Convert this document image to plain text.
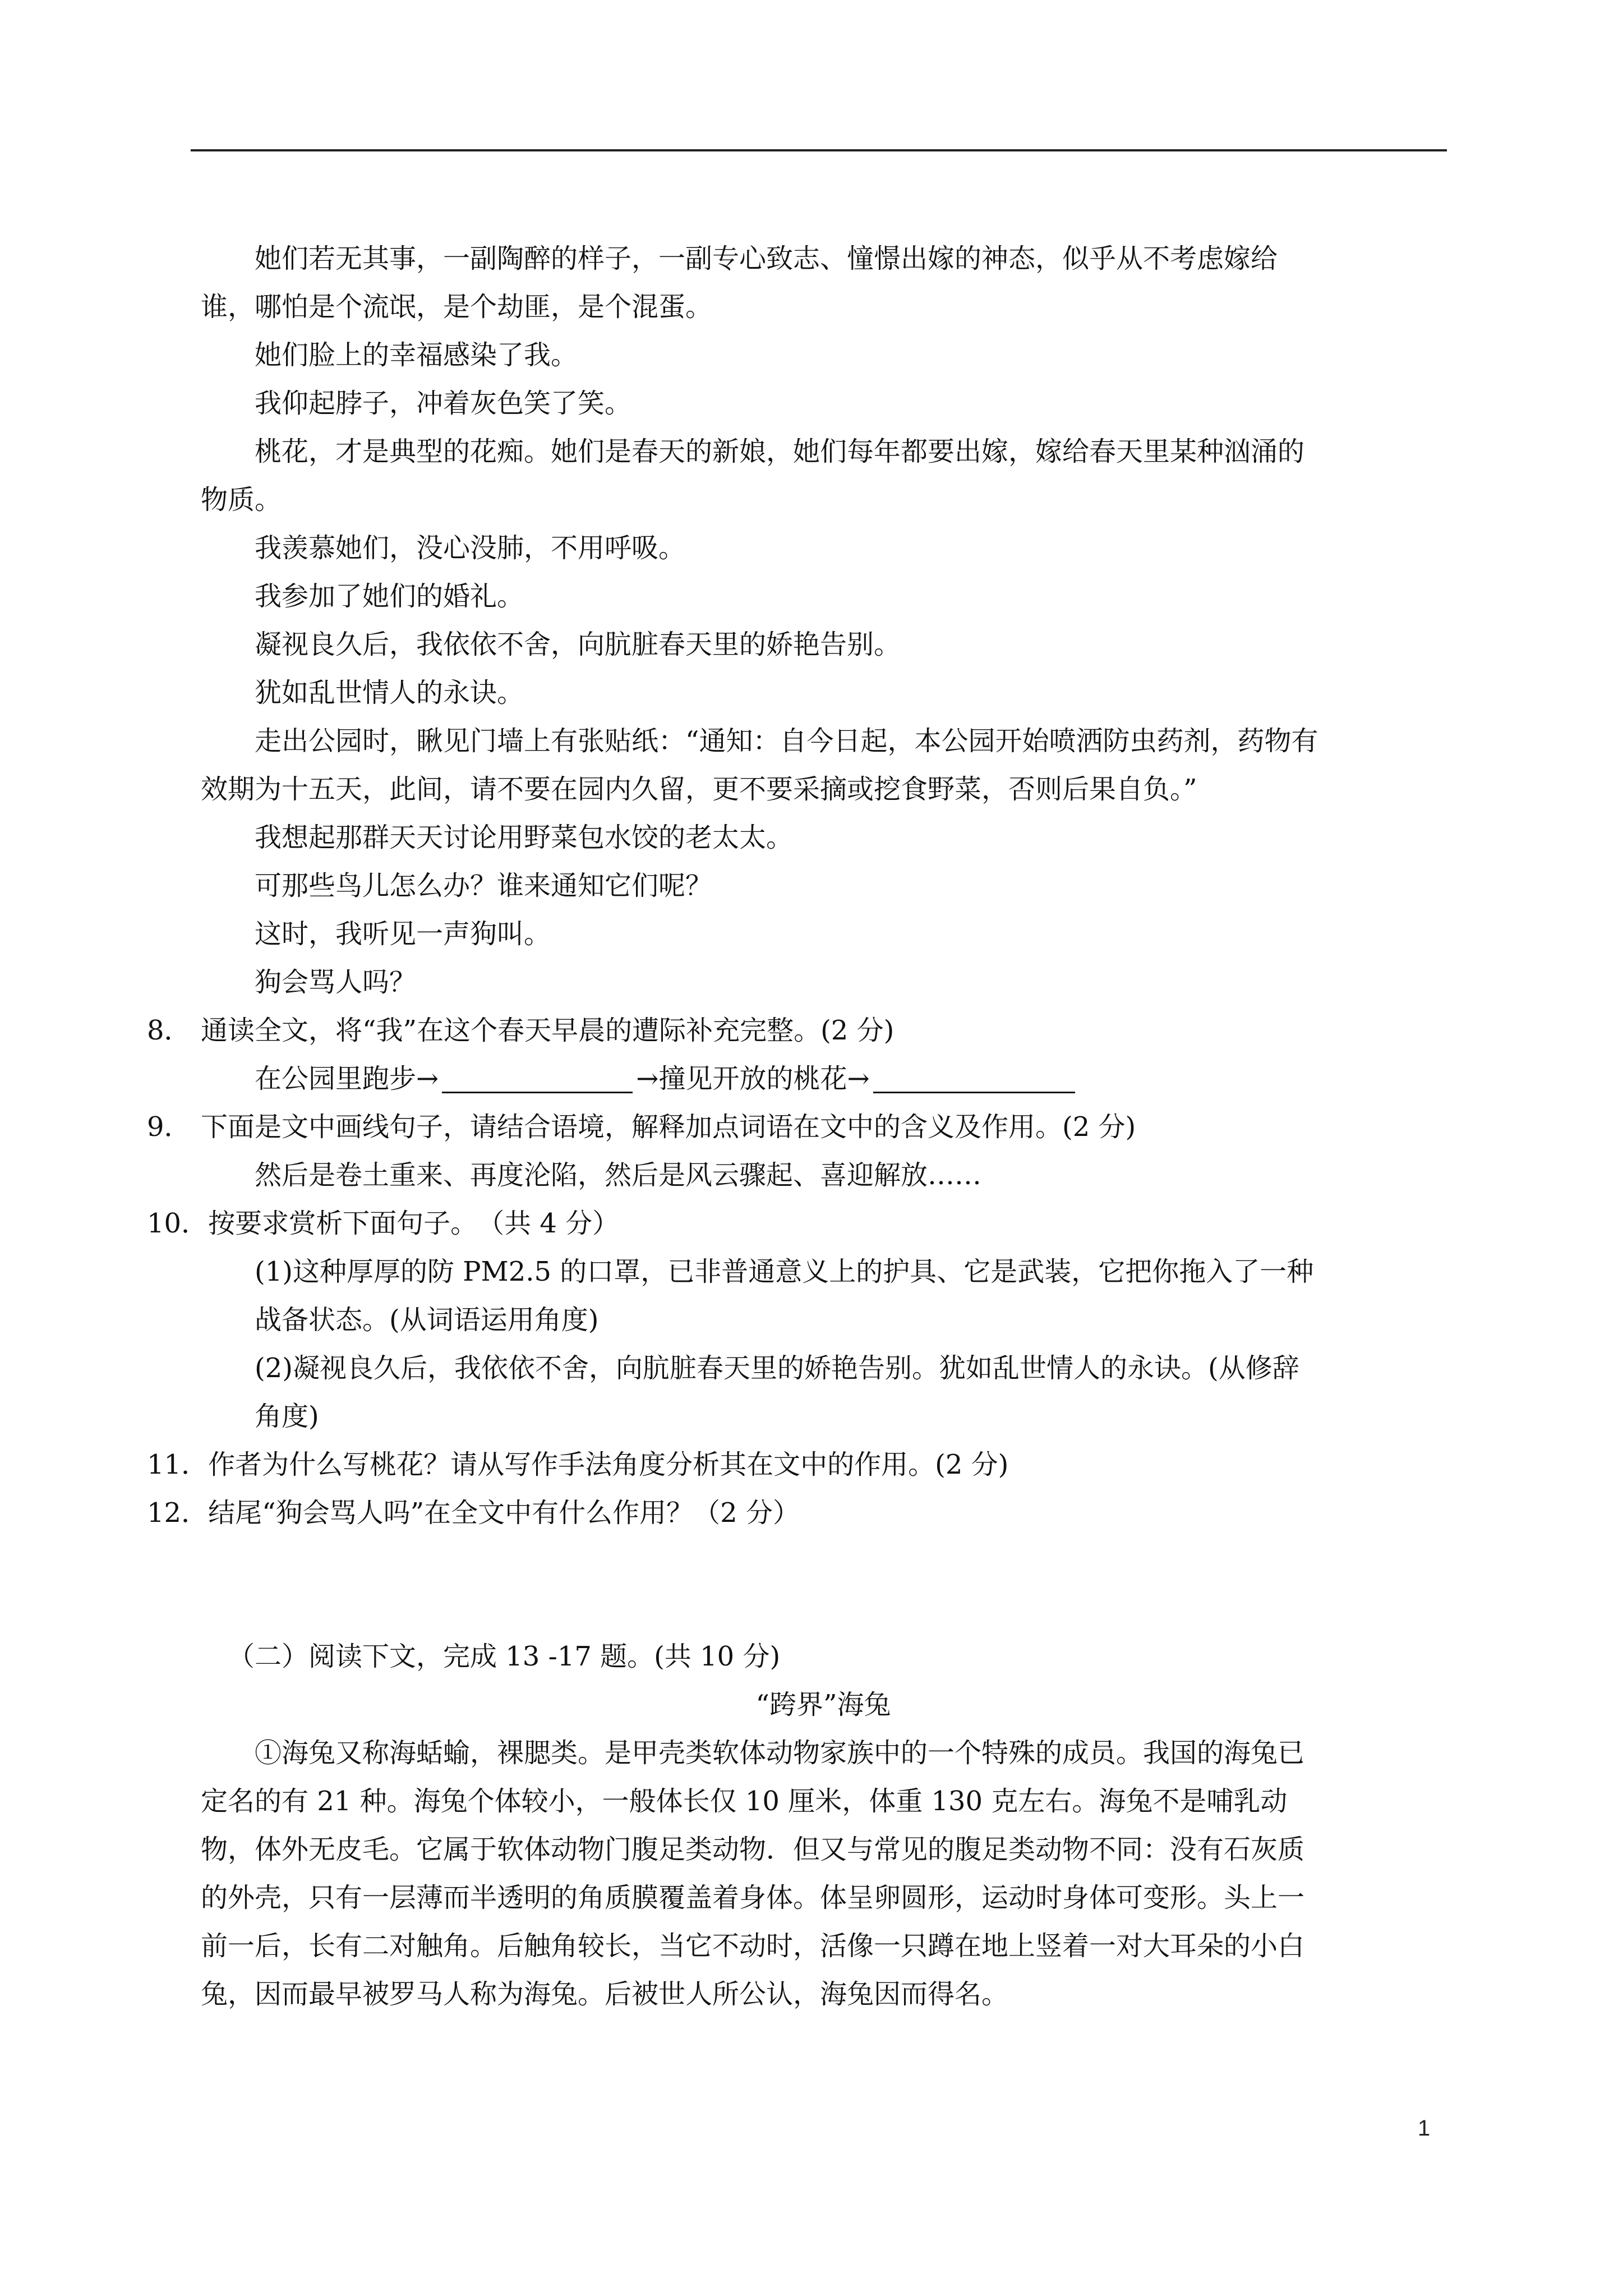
她们若无其事，一副陶醉的样子，一副专心致志、憧憬出嫁的神态，似乎从不考虑嫁给谁，哪怕是个流氓，是个劫匪，是个混蛋。

她们脸上的幸福感染了我。

我仰起脖子，冲着灰色笑了笑。

桃花，才是典型的花痴。她们是春天的新娘，她们每年都要出嫁，嫁给春天里某种汹涌的物质。

我羡慕她们，没心没肺，不用呼吸。

我参加了她们的婚礼。

凝视良久后，我依依不舍，向肮脏春天里的娇艳告别。

犹如乱世情人的永诀。

走出公园时，瞅见门墙上有张贴纸：“通知：自今日起，本公园开始喷洒防虫药剂，药物有效期为十五天，此间，请不要在园内久留，更不要采摘或挖食野菜，否则后果自负。”

我想起那群天天讨论用野菜包水饺的老太太。

可那些鸟儿怎么办？谁来通知它们呢？

这时，我听见一声狗叫。

狗会骂人吗？

8． 通读全文，将“我”在这个春天早晨的遭际补充完整。(2 分)

在公园里跑步→	→撞见开放的桃花→

9． 下面是文中画线句子，请结合语境，解释加点词语在文中的含义及作用。(2 分)

然后是卷土重来、再度沦陷，然后是风云骤起、喜迎解放……

10．按要求赏析下面句子。　（共 4 分）

(1)这种厚厚的防 PM2.5 的口罩，已非普通意义上的护具、它是武装，它把你拖入了一种战备状态。(从词语运用角度)

(2)凝视良久后，我依依不舍，向肮脏春天里的娇艳告别。犹如乱世情人的永诀。(从修辞角度)

11．作者为什么写桃花？请从写作手法角度分析其在文中的作用。(2 分)

12．结尾“狗会骂人吗”在全文中有什么作用？（2 分）

（二）阅读下文，完成 13 -17 题。(共 10 分)

“跨界”海兔

①海兔又称海蛞蝓，裸腮类。是甲壳类软体动物家族中的一个特殊的成员。我国的海兔已定名的有 21 种。海兔个体较小，一般体长仅 10 厘米，体重 130 克左右。海兔不是哺乳动物，体外无皮毛。它属于软体动物门腹足类动物．但又与常见的腹足类动物不同：没有石灰质的外壳，只有一层薄而半透明的角质膜覆盖着身体。体呈卵圆形，运动时身体可变形。头上一前一后，长有二对触角。后触角较长，当它不动时，活像一只蹲在地上竖着一对大耳朵的小白兔，因而最早被罗马人称为海兔。后被世人所公认，海兔因而得名。

1
